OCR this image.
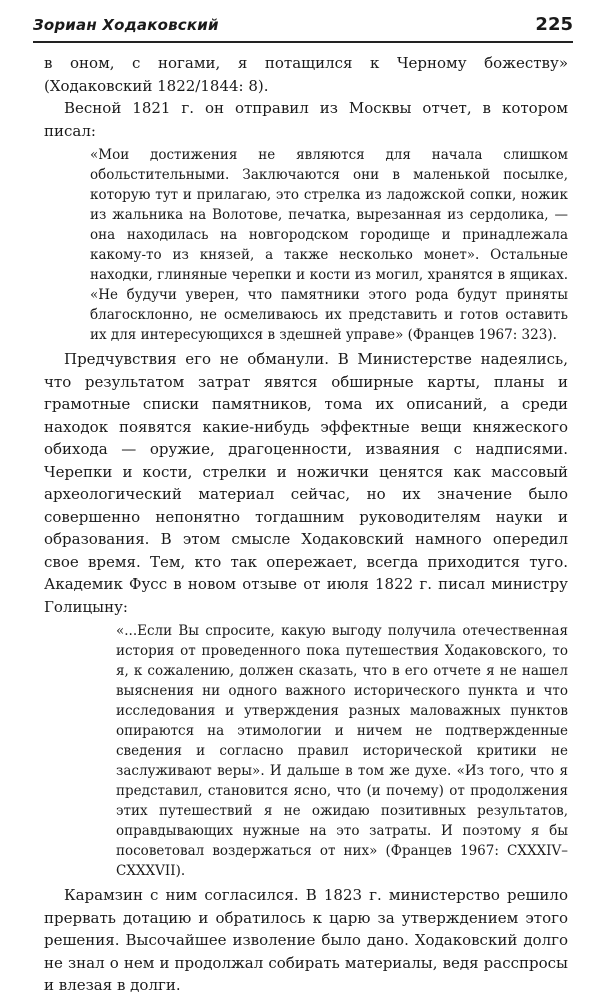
Зориан Ходаковский	225

в оном, с ногами, я потащился к Черному божеству» (Ходаковский 1822/1844: 8).

Весной 1821 г. он отправил из Москвы отчет, в котором писал:

«Мои достижения не являются для начала слишком обольстительными. Заключаются они в маленькой посылке, которую тут и прилагаю, это стрелка из ладожской сопки, ножик из жальника на Волотове, печатка, вырезанная из сердолика, — она находилась на новгородском городище и принадлежала какому-то из князей, а также несколько монет». Остальные находки, глиняные черепки и кости из могил, хранятся в ящиках. «Не будучи уверен, что памятники этого рода будут приняты благосклонно, не осмеливаюсь их представить и готов оставить их для интересующихся в здешней управе» (Францев 1967: 323).

Предчувствия его не обманули. В Министерстве надеялись, что результатом затрат явятся обширные карты, планы и грамотные списки памятников, тома их описаний, а среди находок появятся какие-нибудь эффектные вещи княжеского обихода — оружие, драгоценности, изваяния с надписями. Черепки и кости, стрелки и ножички ценятся как массовый археологический материал сейчас, но их значение было совершенно непонятно тогдашним руководителям науки и образования. В этом смысле Ходаковский намного опередил свое время. Тем, кто так опережает, всегда приходится туго. Академик Фусс в новом отзыве от июля 1822 г. писал министру Голицыну:

«...Если Вы спросите, какую выгоду получила отечественная история от проведенного пока путешествия Ходаковского, то я, к сожалению, должен сказать, что в его отчете я не нашел выяснения ни одного важного исторического пункта и что исследования и утверждения разных маловажных пунктов опираются на этимологии и ничем не подтвержденные сведения и согласно правил исторической критики не заслуживают веры». И дальше в том же духе. «Из того, что я представил, становится ясно, что (и почему) от продолжения этих путешествий я не ожидаю позитивных результатов, оправдывающих нужные на это затраты. И поэтому я бы посоветовал воздержаться от них» (Францев 1967: CXXXIV–CXXXVII).

Карамзин с ним согласился. В 1823 г. министерство решило прервать дотацию и обратилось к царю за утверждением этого решения. Высочайшее изволение было дано. Ходаковский долго не знал о нем и продолжал собирать материалы, ведя расспросы и влезая в долги.
